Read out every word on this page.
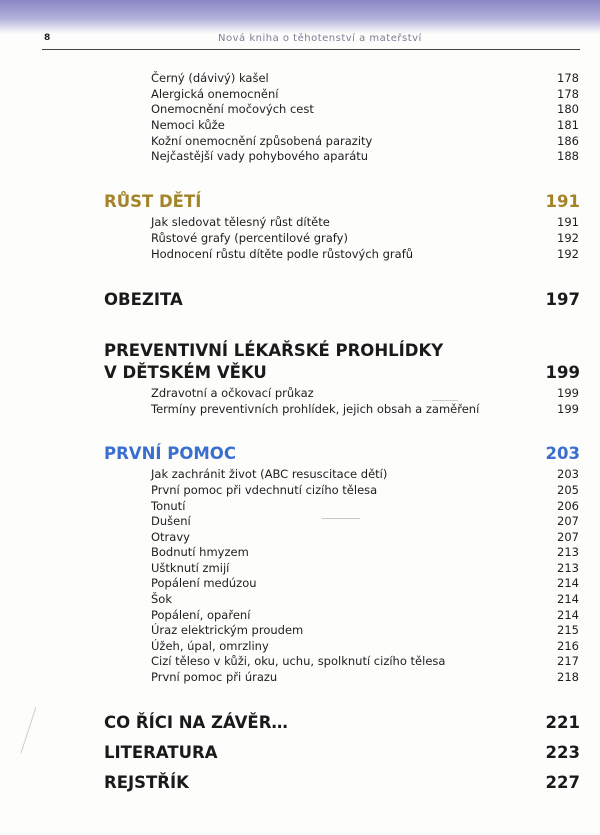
8	Nová kniha o těhotenství a mateřství
Černý (dávivý) kašel	178
Alergická onemocnění	178
Onemocnění močových cest	180
Nemoci kůže	181
Kožní onemocnění způsobená parazity	186
Nejčastější vady pohybového aparátu	188
RŮST DĚTÍ	191
Jak sledovat tělesný růst dítěte	191
Růstové grafy (percentilové grafy)	192
Hodnocení růstu dítěte podle růstových grafů	192
OBEZITA	197
PREVENTIVNÍ LÉKAŘSKÉ PROHLÍDKY
V DĚTSKÉM VĚKU	199
Zdravotní a očkovací průkaz	199
Termíny preventivních prohlídek, jejich obsah a zaměření	199
PRVNÍ POMOC	203
Jak zachránit život (ABC resuscitace dětí)	203
První pomoc při vdechnutí cizího tělesa	205
Tonutí	206
Dušení	207
Otravy	207
Bodnutí hmyzem	213
Uštknutí zmijí	213
Popálení medúzou	214
Šok	214
Popálení, opaření	214
Úraz elektrickým proudem	215
Úžeh, úpal, omrzliny	216
Cizí těleso v kůži, oku, uchu, spolknutí cizího tělesa	217
První pomoc při úrazu	218
CO ŘÍCI NA ZÁVĚR…	221
LITERATURA	223
REJSTŘÍK	227
